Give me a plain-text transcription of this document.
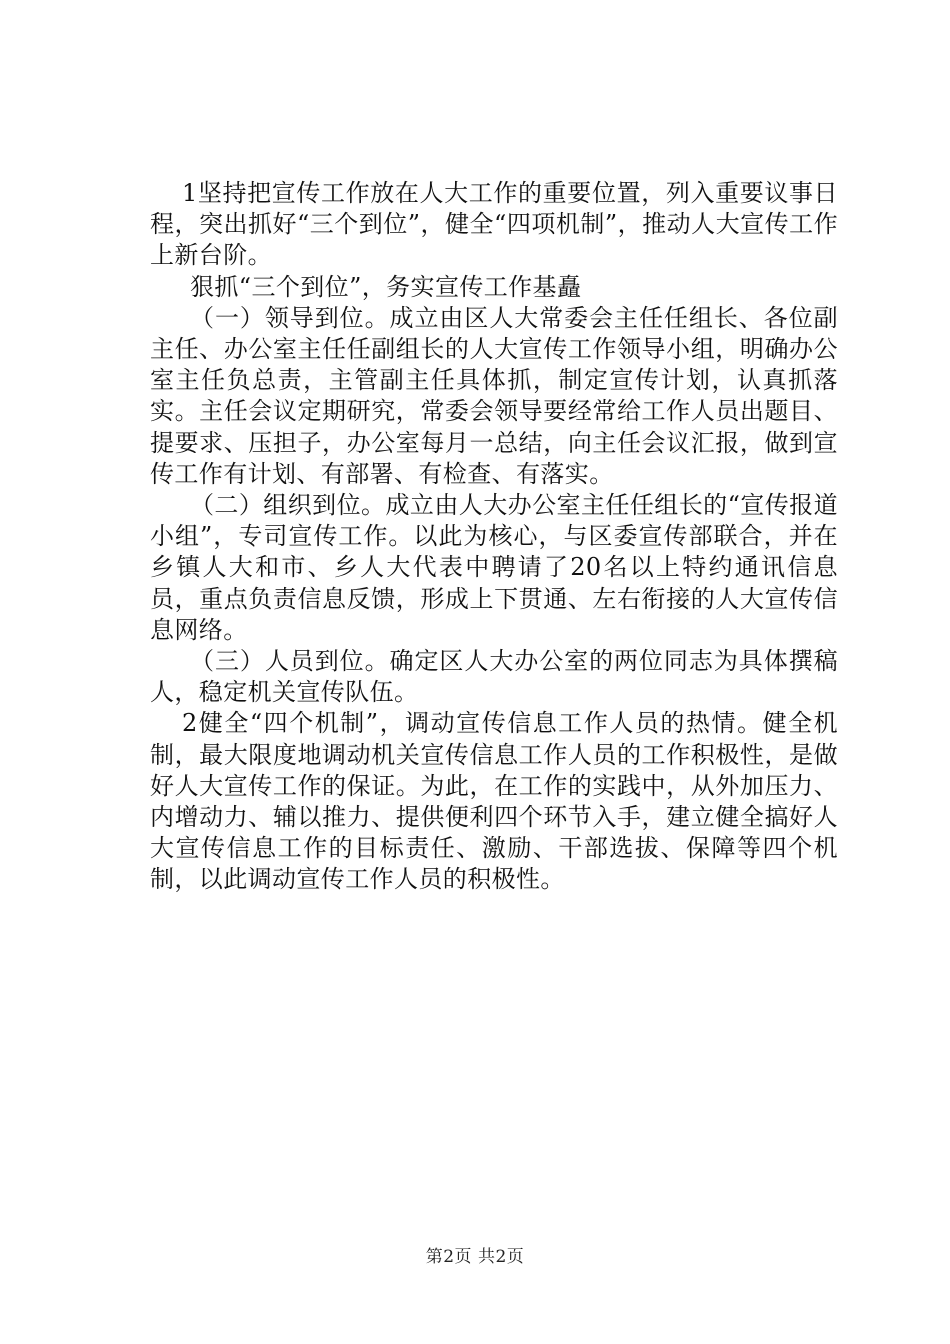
1坚持把宣传工作放在人大工作的重要位置，列入重要议事日程，突出抓好“三个到位”，健全“四项机制”，推动人大宣传工作上新台阶。

狠抓“三个到位”，务实宣传工作基矗

（一）领导到位。成立由区人大常委会主任任组长、各位副主任、办公室主任任副组长的人大宣传工作领导小组，明确办公室主任负总责，主管副主任具体抓，制定宣传计划，认真抓落实。主任会议定期研究，常委会领导要经常给工作人员出题目、提要求、压担子，办公室每月一总结，向主任会议汇报，做到宣传工作有计划、有部署、有检查、有落实。

（二）组织到位。成立由人大办公室主任任组长的“宣传报道小组”，专司宣传工作。以此为核心，与区委宣传部联合，并在乡镇人大和市、乡人大代表中聘请了20名以上特约通讯信息员，重点负责信息反馈，形成上下贯通、左右衔接的人大宣传信息网络。

（三）人员到位。确定区人大办公室的两位同志为具体撰稿人，稳定机关宣传队伍。

2健全“四个机制”，调动宣传信息工作人员的热情。健全机制，最大限度地调动机关宣传信息工作人员的工作积极性，是做好人大宣传工作的保证。为此，在工作的实践中，从外加压力、内增动力、辅以推力、提供便利四个环节入手，建立健全搞好人大宣传信息工作的目标责任、激励、干部选拔、保障等四个机制，以此调动宣传工作人员的积极性。

第2页 共2页
